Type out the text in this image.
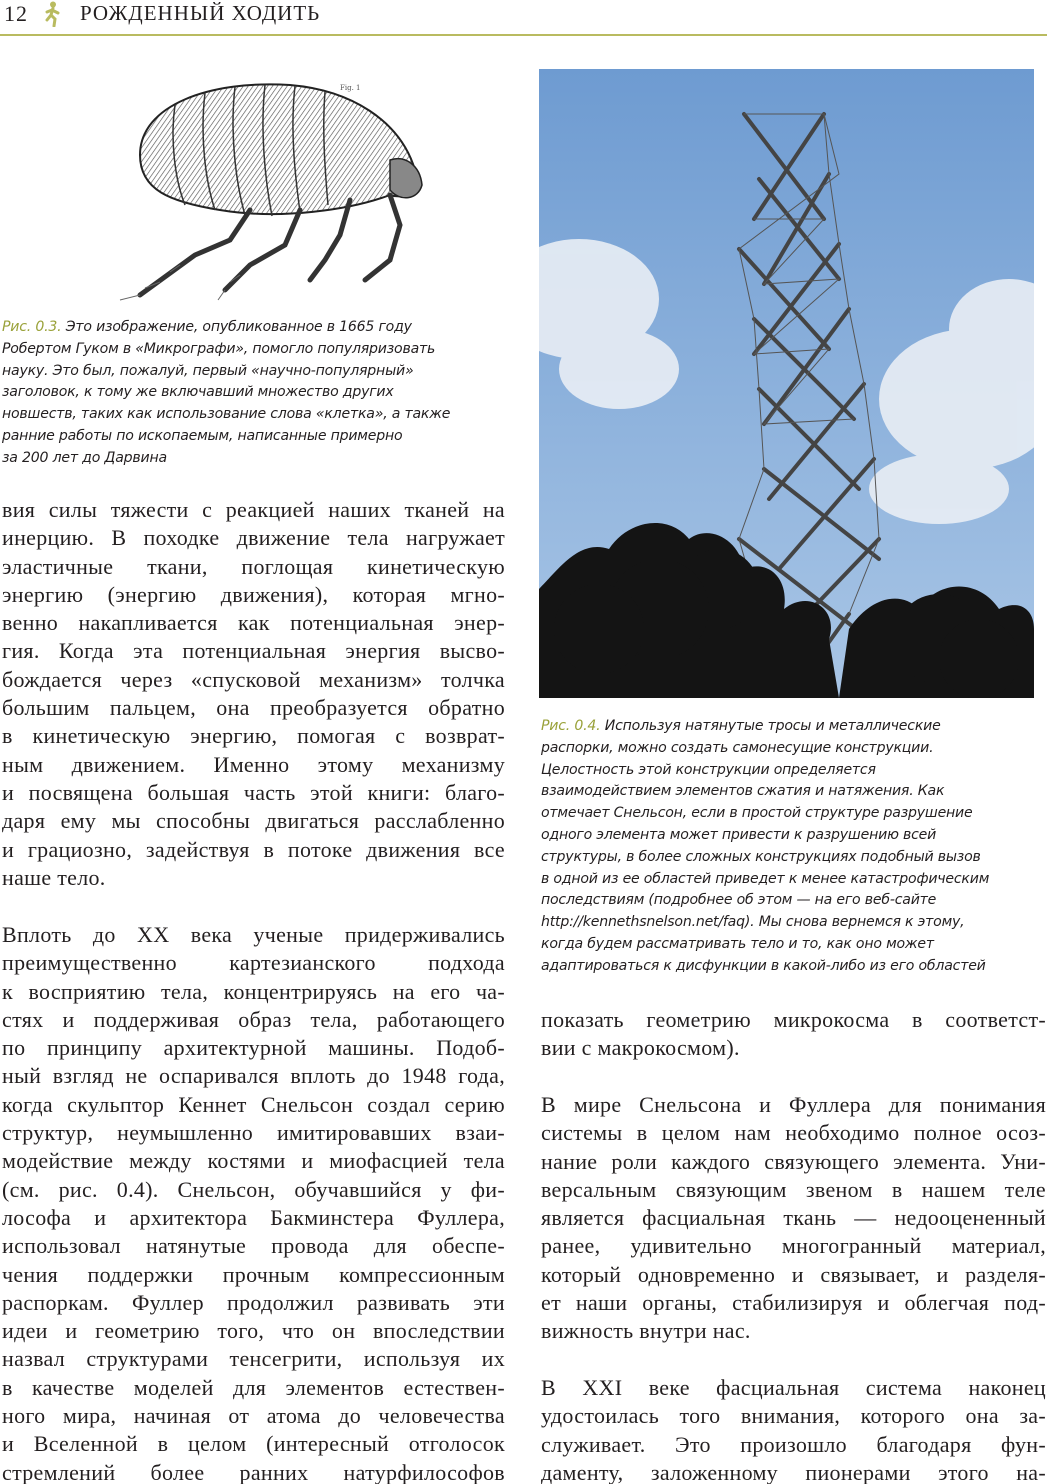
12 РОЖДЕННЫЙ ХОДИТЬ
Fig. 1
Рис. 0.3. Это изображение, опубликованное в 1665 году
Робертом Гуком в «Микрографи», помогло популяризовать
науку. Это был, пожалуй, первый «научно-популярный»
заголовок, к тому же включавший множество других
новшеств, таких как использование слова «клетка», а также
ранние работы по ископаемым, написанные примерно
за 200 лет до Дарвина
Рис. 0.4. Используя натянутые тросы и металлические
распорки, можно создать самонесущие конструкции.
Целостность этой конструкции определяется
взаимодействием элементов сжатия и натяжения. Как
отмечает Снельсон, если в простой структуре разрушение
одного элемента может привести к разрушению всей
структуры, в более сложных конструкциях подобный вызов
в одной из ее областей приведет к менее катастрофическим
последствиям (подробнее об этом — на его веб-сайте
http://kennethsnelson.net/faq). Мы снова вернемся к этому,
когда будем рассматривать тело и то, как оно может
адаптироваться к дисфункции в какой-либо из его областей
вия силы тяжести с реакцией наших тканей на
инерцию. В походке движение тела нагружает
эластичные ткани, поглощая кинетическую
энергию (энергию движения), которая мгно-
венно накапливается как потенциальная энер-
гия. Когда эта потенциальная энергия высво-
бождается через «спусковой механизм» толчка
большим пальцем, она преобразуется обратно
в кинетическую энергию, помогая с возврат-
ным движением. Именно этому механизму
и посвящена большая часть этой книги: благо-
даря ему мы способны двигаться расслабленно
и грациозно, задействуя в потоке движения все
наше тело.
Вплоть до XX века ученые придерживались
преимущественно картезианского подхода
к восприятию тела, концентрируясь на его ча-
стях и поддерживая образ тела, работающего
по принципу архитектурной машины. Подоб-
ный взгляд не оспаривался вплоть до 1948 года,
когда скульптор Кеннет Снельсон создал серию
структур, неумышленно имитировавших взаи-
модействие между костями и миофасцией тела
(см. рис. 0.4). Снельсон, обучавшийся у фи-
лософа и архитектора Бакминстера Фуллера,
использовал натянутые провода для обеспе-
чения поддержки прочным компрессионным
распоркам. Фуллер продолжил развивать эти
идеи и геометрию того, что он впоследствии
назвал структурами тенсегрити, используя их
в качестве моделей для элементов естествен-
ного мира, начиная от атома до человечества
и Вселенной в целом (интересный отголосок
стремлений более ранних натурфилософов
показать геометрию микрокосма в соответст-
вии с макрокосмом).
В мире Снельсона и Фуллера для понимания
системы в целом нам необходимо полное осоз-
нание роли каждого связующего элемента. Уни-
версальным связующим звеном в нашем теле
является фасциальная ткань — недооцененный
ранее, удивительно многогранный материал,
который одновременно и связывает, и разделя-
ет наши органы, стабилизируя и облегчая под-
вижность внутри нас.
В XXI веке фасциальная система наконец
удостоилась того внимания, которого она за-
служивает. Это произошло благодаря фун-
даменту, заложенному пионерами этого на-
